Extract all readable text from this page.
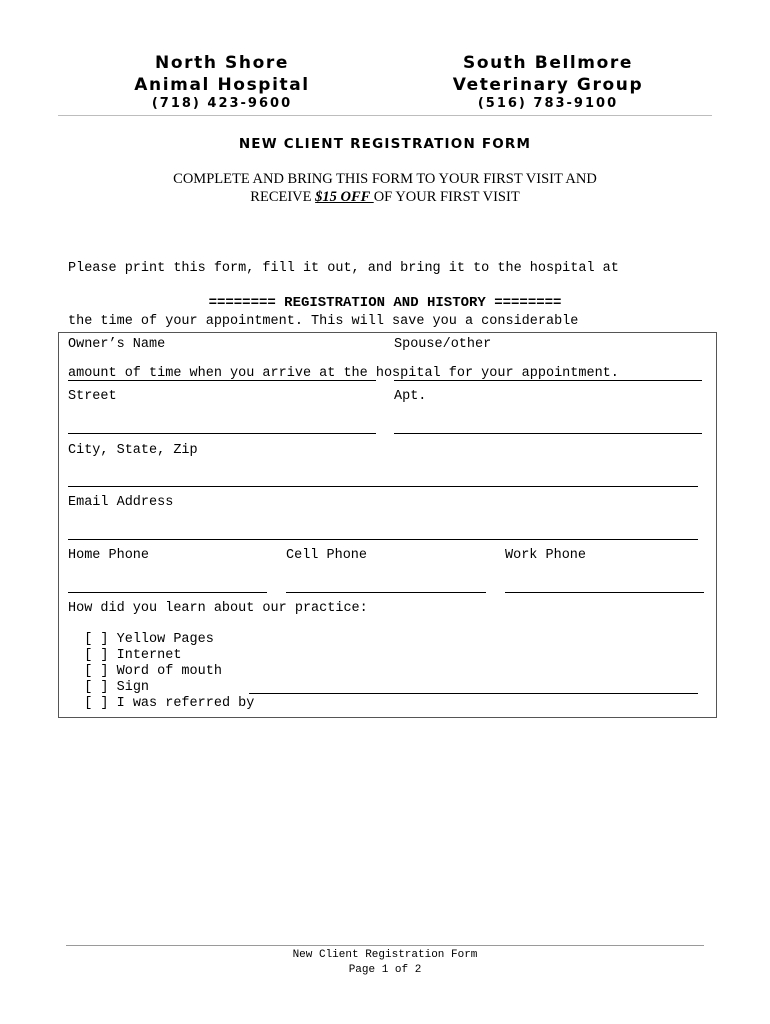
North Shore
Animal Hospital
(718) 423-9600
South Bellmore
Veterinary Group
(516) 783-9100
NEW CLIENT REGISTRATION FORM
COMPLETE AND BRING THIS FORM TO YOUR FIRST VISIT AND
RECEIVE $15 OFF OF YOUR FIRST VISIT

Please print this form, fill it out, and bring it to the hospital at

the time of your appointment. This will save you a considerable

amount of time when you arrive at the hospital for your appointment.

======== REGISTRATION AND HISTORY ========
Owner’s Name	Spouse/other
Street	Apt.
City, State, Zip
Email Address
Home Phone	Cell Phone	Work Phone
How did you learn about our practice:

[ ] Yellow Pages

[ ] Internet

[ ] Word of mouth

[ ] Sign

[ ] I was referred by

New Client Registration Form
Page 1 of 2
